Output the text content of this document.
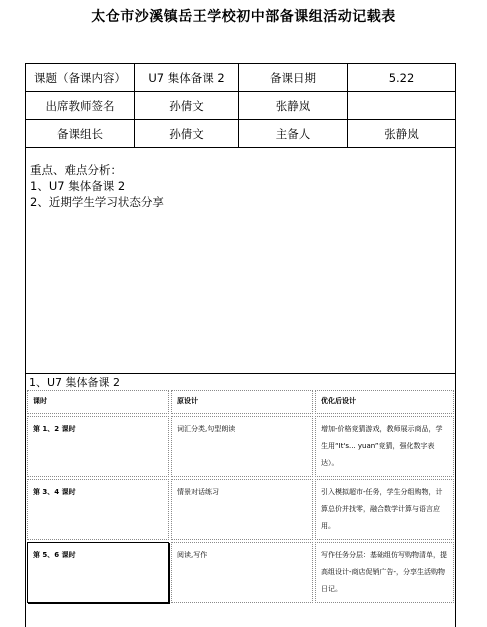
太仓市沙溪镇岳王学校初中部备课组活动记载表
课题（备课内容）	U7 集体备课 2	备课日期	5.22
出席教师签名	孙倩文	张静岚	
备课组长	孙倩文	主备人	张静岚
重点、难点分析：
1、U7 集体备课 2
2、近期学生学习状态分享
1、U7 集体备课 2
课时	原设计	优化后设计
第 1、2 课时	词汇分类,句型朗读	增加-价格竞猜游戏，教师展示商品，学生用“It's... yuan”竞猜，强化数字表达）。
第 3、4 课时	情景对话练习	引入模拟超市-任务，学生分组购物，计算总价并找零，融合数学计算与语言应用。
第 5、6 课时	阅读,写作	写作任务分层：基础组仿写购物清单，提高组设计-商店促销广告-，分享生活购物日记。
